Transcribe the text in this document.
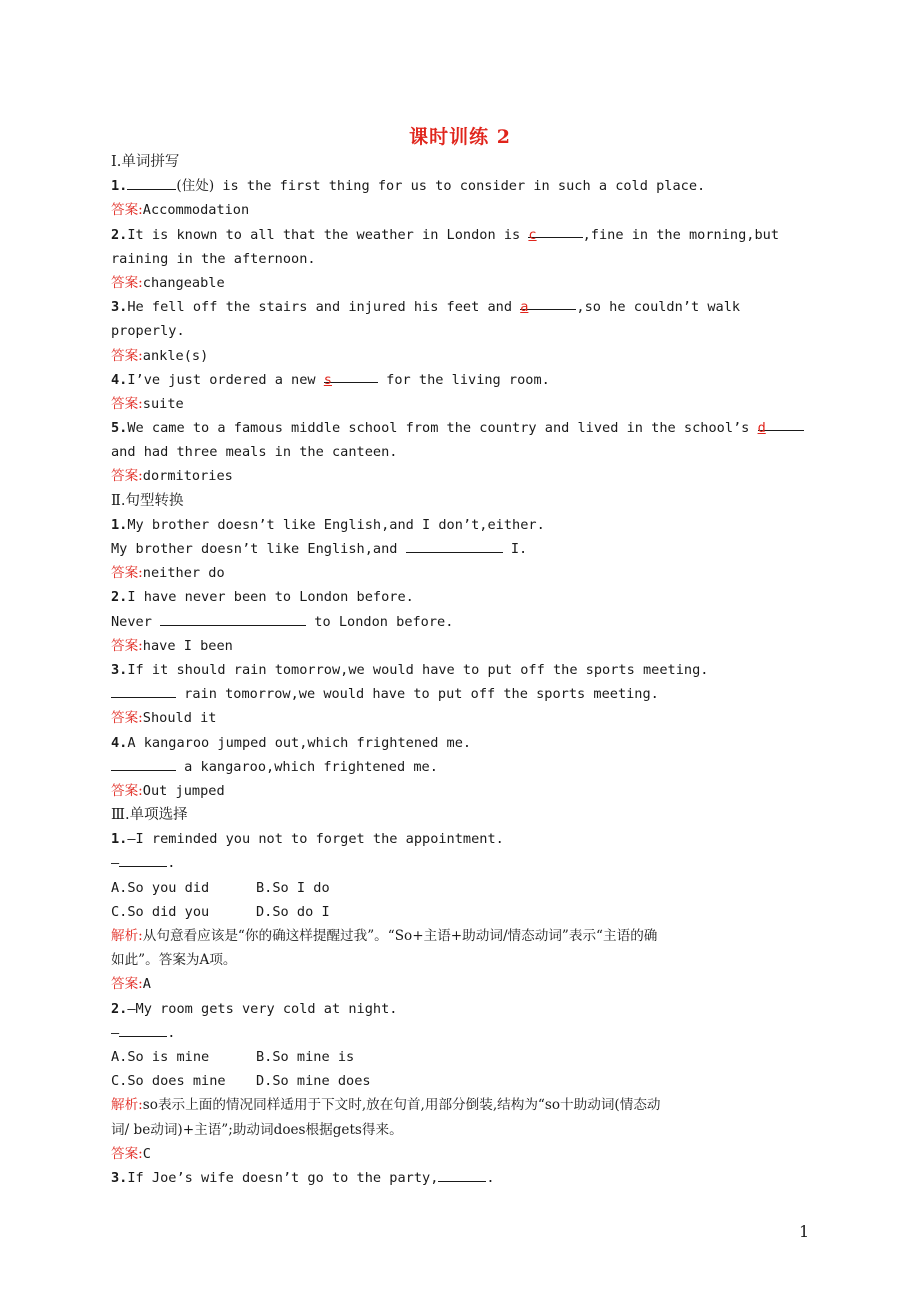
课时训练 2
Ⅰ.单词拼写
1.	(住处) is the first thing for us to consider in such a cold place.
答案:Accommodation
2.It is known to all that the weather in London is c	,fine in the morning,but
raining in the afternoon.
答案:changeable
3.He fell off the stairs and injured his feet and a	,so he couldn’t walk
properly.
答案:ankle(s)
4.I’ve just ordered a new s	for the living room.
答案:suite
5.We came to a famous middle school from the country and lived in the school’s d
and had three meals in the canteen.
答案:dormitories
Ⅱ.句型转换
1.My brother doesn’t like English,and I don’t,either.
My brother doesn’t like English,and	I.
答案:neither do
2.I have never been to London before.
Never	to London before.
答案:have I been
3.If it should rain tomorrow,we would have to put off the sports meeting.
rain tomorrow,we would have to put off the sports meeting.
答案:Should it
4.A kangaroo jumped out,which frightened me.
a kangaroo,which frightened me.
答案:Out jumped
Ⅲ.单项选择
1.—I reminded you not to forget the appointment.
—	.
A.So you did	B.So I do
C.So did you	D.So do I
解析:从句意看应该是“你的确这样提醒过我”。“So+主语+助动词/情态动词”表示“主语的确
如此”。答案为A项。
答案:A
2.—My room gets very cold at night.
—	.
A.So is mine	B.So mine is
C.So does mine D.So mine does
解析:so表示上面的情况同样适用于下文时,放在句首,用部分倒装,结构为“so十助动词(情态动
词/ be动词)+主语”;助动词does根据gets得来。
答案:C
3.If Joe’s wife doesn’t go to the party,	.
1
